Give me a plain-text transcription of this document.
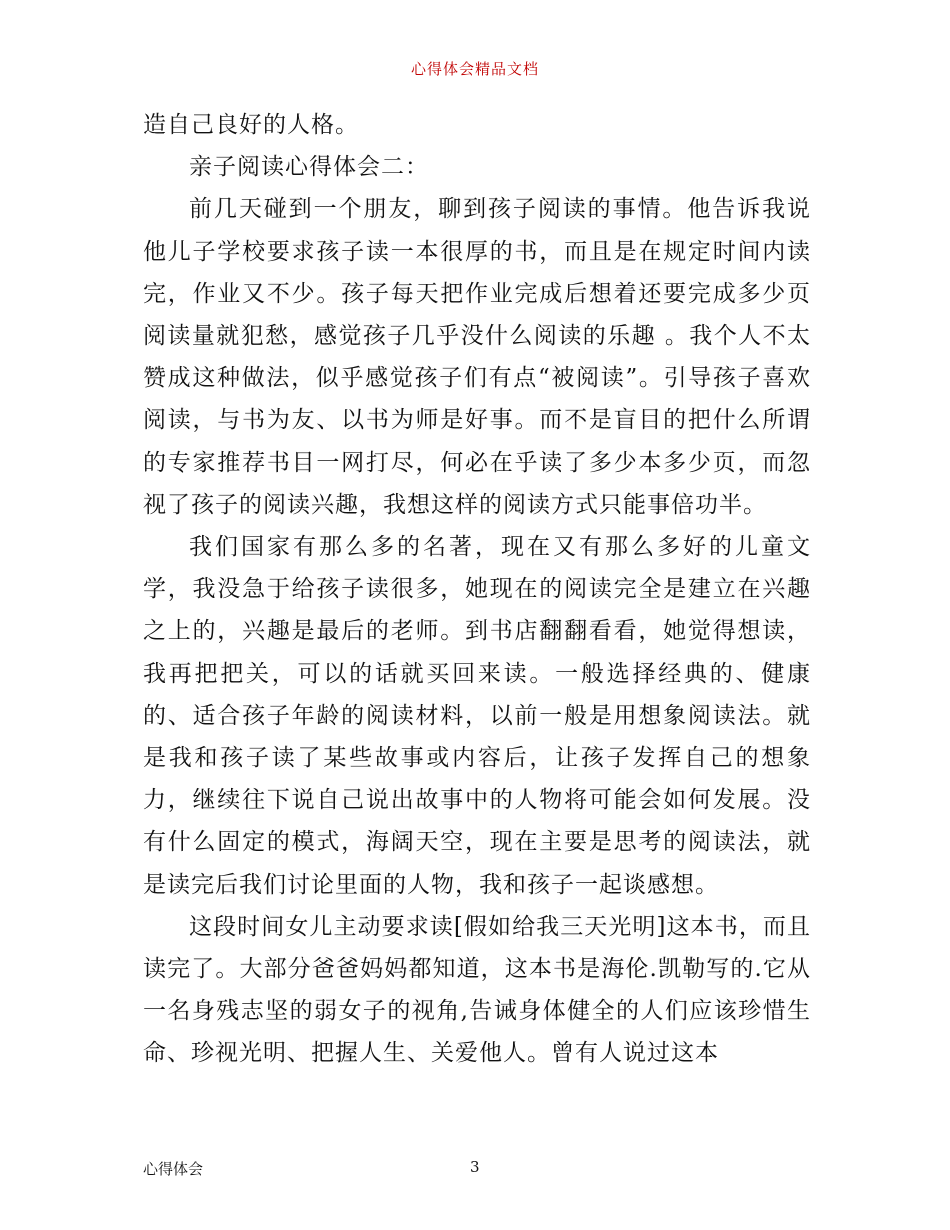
心得体会精品文档

造自己良好的人格。

亲子阅读心得体会二：

前几天碰到一个朋友，聊到孩子阅读的事情。他告诉我说他儿子学校要求孩子读一本很厚的书，而且是在规定时间内读完，作业又不少。孩子每天把作业完成后想着还要完成多少页阅读量就犯愁，感觉孩子几乎没什么阅读的乐趣 。我个人不太赞成这种做法，似乎感觉孩子们有点“被阅读”。引导孩子喜欢阅读，与书为友、以书为师是好事。而不是盲目的把什么所谓的专家推荐书目一网打尽，何必在乎读了多少本多少页，而忽视了孩子的阅读兴趣，我想这样的阅读方式只能事倍功半。

我们国家有那么多的名著，现在又有那么多好的儿童文学，我没急于给孩子读很多，她现在的阅读完全是建立在兴趣之上的，兴趣是最后的老师。到书店翻翻看看，她觉得想读，我再把把关，可以的话就买回来读。一般选择经典的、健康的、适合孩子年龄的阅读材料，以前一般是用想象阅读法。就是我和孩子读了某些故事或内容后，让孩子发挥自己的想象力，继续往下说自己说出故事中的人物将可能会如何发展。没有什么固定的模式，海阔天空，现在主要是思考的阅读法，就是读完后我们讨论里面的人物，我和孩子一起谈感想。

这段时间女儿主动要求读[假如给我三天光明]这本书，而且读完了。大部分爸爸妈妈都知道，这本书是海伦.凯勒写的.它从一名身残志坚的弱女子的视角,告诫身体健全的人们应该珍惜生命、珍视光明、把握人生、关爱他人。曾有人说过这本

心得体会	3
